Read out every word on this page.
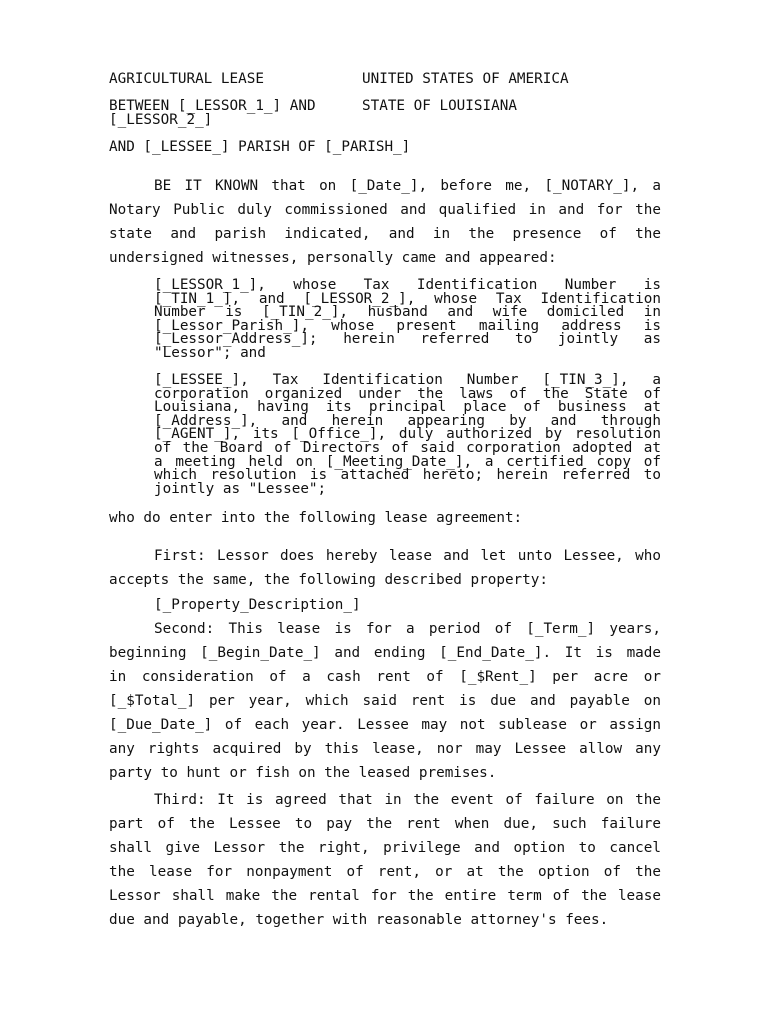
AGRICULTURAL LEASE	UNITED STATES OF AMERICA
BETWEEN [_LESSOR_1_] AND
[_LESSOR_2_]
STATE OF LOUISIANA
AND [_LESSEE_] PARISH OF [_PARISH_]
BE IT KNOWN that on [_Date_], before me, [_NOTARY_], a
Notary Public duly commissioned and qualified in and for the
state and parish indicated, and in the presence of the
undersigned witnesses, personally came and appeared:
[_LESSOR_1_], whose Tax Identification Number is
[_TIN_1_], and [_LESSOR_2_], whose Tax Identification
Number is [_TIN_2_], husband and wife domiciled in
[_Lessor_Parish_], whose present mailing address is
[_Lessor_Address_]; herein referred to jointly as
"Lessor"; and
[_LESSEE_], Tax Identification Number [_TIN_3_], a
corporation organized under the laws of the State of
Louisiana, having its principal place of business at
[_Address_], and herein appearing by and through
[_AGENT_], its [_Office_], duly authorized by resolution
of the Board of Directors of said corporation adopted at
a meeting held on [_Meeting_Date_], a certified copy of
which resolution is attached hereto; herein referred to
jointly as "Lessee";
who do enter into the following lease agreement:
First: Lessor does hereby lease and let unto Lessee, who
accepts the same, the following described property:
[_Property_Description_]
Second: This lease is for a period of [_Term_] years,
beginning [_Begin_Date_] and ending [_End_Date_]. It is made
in consideration of a cash rent of [_$Rent_] per acre or
[_$Total_] per year, which said rent is due and payable on
[_Due_Date_] of each year. Lessee may not sublease or assign
any rights acquired by this lease, nor may Lessee allow any
party to hunt or fish on the leased premises.
Third: It is agreed that in the event of failure on the
part of the Lessee to pay the rent when due, such failure
shall give Lessor the right, privilege and option to cancel
the lease for nonpayment of rent, or at the option of the
Lessor shall make the rental for the entire term of the lease
due and payable, together with reasonable attorney's fees.
